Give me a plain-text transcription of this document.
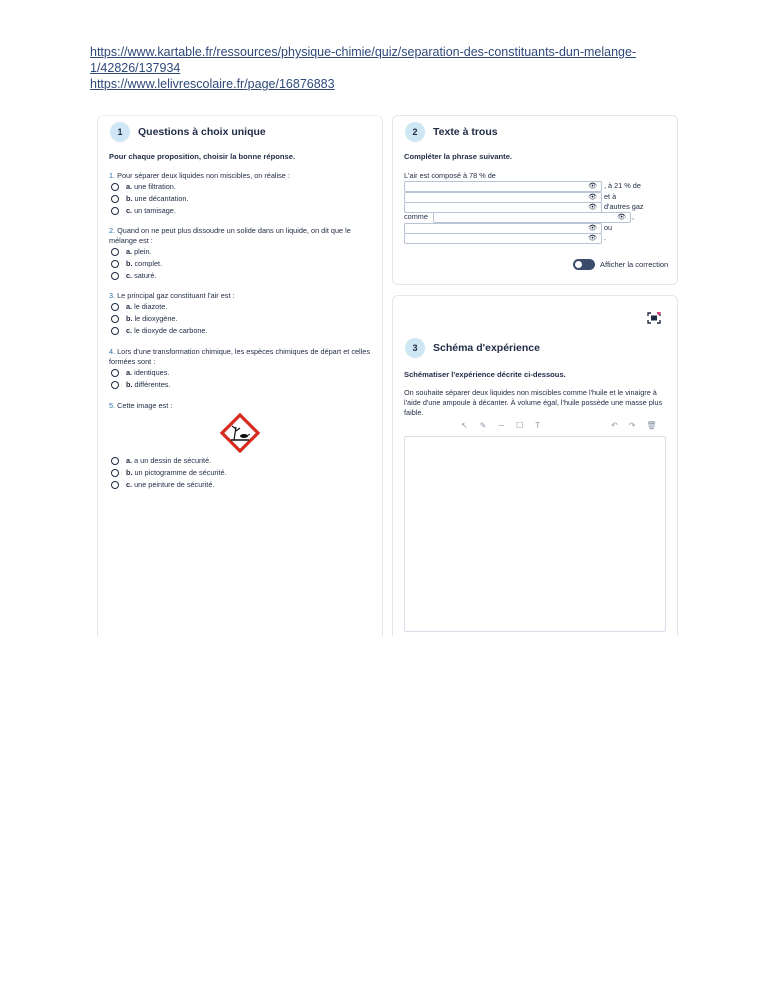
https://www.kartable.fr/ressources/physique-chimie/quiz/separation-des-constituants-dun-melange-1/42826/137934
https://www.lelivrescolaire.fr/page/16876883
1	Questions à choix unique
Pour chaque proposition, choisir la bonne réponse.
1. Pour séparer deux liquides non miscibles, on réalise :
a. une filtration.
b. une décantation.
c. un tamisage.
2. Quand on ne peut plus dissoudre un solide dans un liquide, on dit que le mélange est :
a. plein.
b. complet.
c. saturé.
3. Le principal gaz constituant l'air est :
a. le diazote.
b. le dioxygène.
c. le dioxyde de carbone.
4. Lors d'une transformation chimique, les espèces chimiques de départ et celles formées sont :
a. identiques.
b. différentes.
5. Cette image est :
a. a un dessin de sécurité.
b. un pictogramme de sécurité.
c. une peinture de sécurité.
2	Texte à trous
Compléter la phrase suivante.
L'air est composé à 78 % de
👁 , à 21 % de
👁 et à
👁 d'autres gaz
comme	👁 ,
👁 ou
👁 .
Afficher la correction
3	Schéma d'expérience
Schématiser l'expérience décrite ci-dessous.
On souhaite séparer deux liquides non miscibles comme l'huile et le vinaigre à l'aide d'une ampoule à décanter. À volume égal, l'huile possède une masse plus faible.
↖ ✎ ─ ☐ T	↶ ↷ 🗑
